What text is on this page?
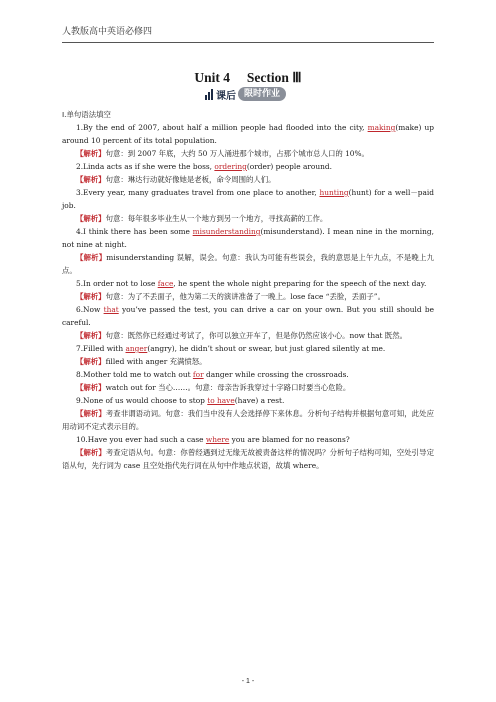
人教版高中英语必修四
Unit 4　 Section Ⅲ
课后 限时作业

Ⅰ.单句语法填空

1.By the end of 2007, about half a million people had flooded into the city, making(make) up around 10 percent of its total population.

【解析】句意：到 2007 年底，大约 50 万人涌进那个城市，占那个城市总人口的 10%。

2.Linda acts as if she were the boss, ordering(order) people around.

【解析】句意：琳达行动就好像她是老板，命令周围的人们。

3.Every year, many graduates travel from one place to another, hunting(hunt) for a well－paid job.

【解析】句意：每年很多毕业生从一个地方到另一个地方，寻找高薪的工作。

4.I think there has been some misunderstanding(misunderstand). I mean nine in the morning, not nine at night.

【解析】misunderstanding 误解，误会。句意：我认为可能有些误会，我的意思是上午九点，不是晚上九点。

5.In order not to lose face, he spent the whole night preparing for the speech of the next day.

【解析】句意：为了不丢面子，他为第二天的演讲准备了一晚上。lose face “丢脸，丢面子”。

6.Now that you’ve passed the test, you can drive a car on your own. But you still should be careful.

【解析】句意：既然你已经通过考试了，你可以独立开车了，但是你仍然应该小心。now that 既然。

7.Filled with anger(angry), he didn’t shout or swear, but just glared silently at me.

【解析】filled with anger 充满愤怒。

8.Mother told me to watch out for danger while crossing the crossroads.

【解析】watch out for 当心……。句意：母亲告诉我穿过十字路口时要当心危险。

9.None of us would choose to stop to have(have) a rest.

【解析】考查非谓语动词。句意：我们当中没有人会选择停下来休息。分析句子结构并根据句意可知，此处应用动词不定式表示目的。

10.Have you ever had such a case where you are blamed for no reasons?

【解析】考查定语从句。句意：你曾经遇到过无缘无故被责备这样的情况吗？分析句子结构可知，空处引导定语从句，先行词为 case 且空处指代先行词在从句中作地点状语，故填 where。

- 1 -
